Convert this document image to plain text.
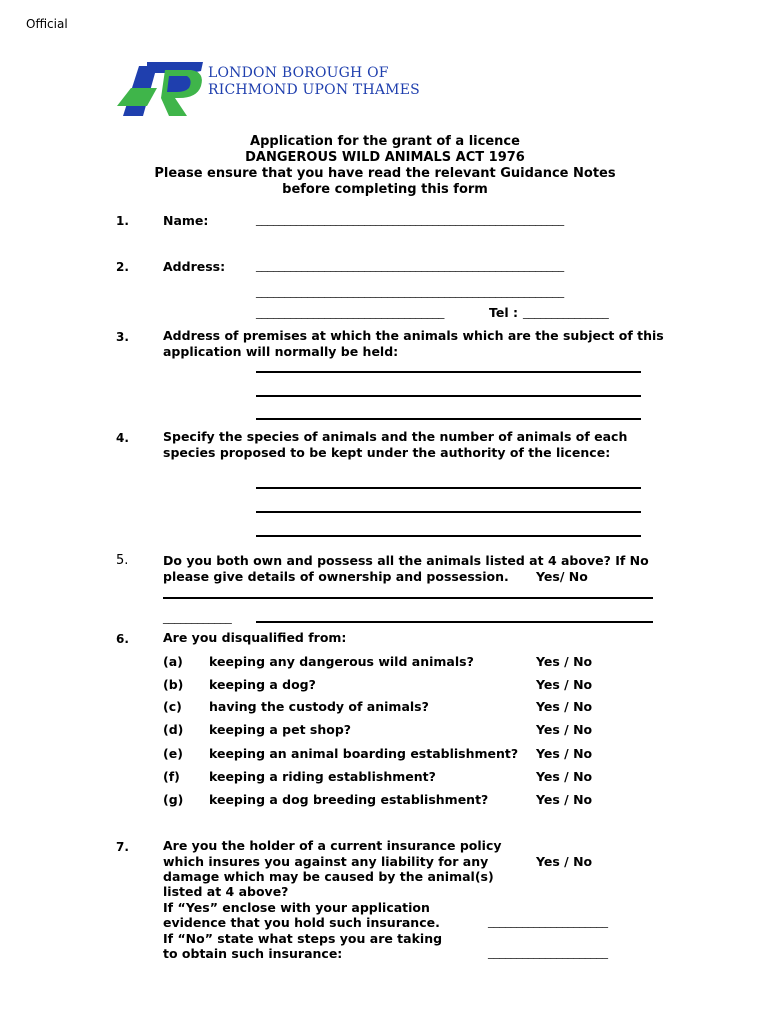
Official
LONDON BOROUGH OF
RICHMOND UPON THAMES
Application for the grant of a licence
DANGEROUS WILD ANIMALS ACT 1976
Please ensure that you have read the relevant Guidance Notes
before completing this form
1.	Name:	______________________________________________________
2.	Address:	______________________________________________________
______________________________________________________
_________________________________	Tel : _______________
3.	Address of premises at which the animals which are the subject of this
application will normally be held:
4.	Specify the species of animals and the number of animals of each
species proposed to be kept under the authority of the licence:
5.	Do you both own and possess all the animals listed at 4 above? If No
please give details of ownership and possession. Yes/ No
____________
6.	Are you disqualified from:
(a) keeping any dangerous wild animals?	Yes / No
(b) keeping a dog?	Yes / No
(c) having the custody of animals?	Yes / No
(d) keeping a pet shop?	Yes / No
(e) keeping an animal boarding establishment? Yes / No
(f) keeping a riding establishment?	Yes / No
(g) keeping a dog breeding establishment?	Yes / No
7.	Are you the holder of a current insurance policy
which insures you against any liability for any
damage which may be caused by the animal(s)
listed at 4 above?
If “Yes” enclose with your application
evidence that you hold such insurance.
If “No” state what steps you are taking
to obtain such insurance:
Yes / No
_____________________
_____________________
